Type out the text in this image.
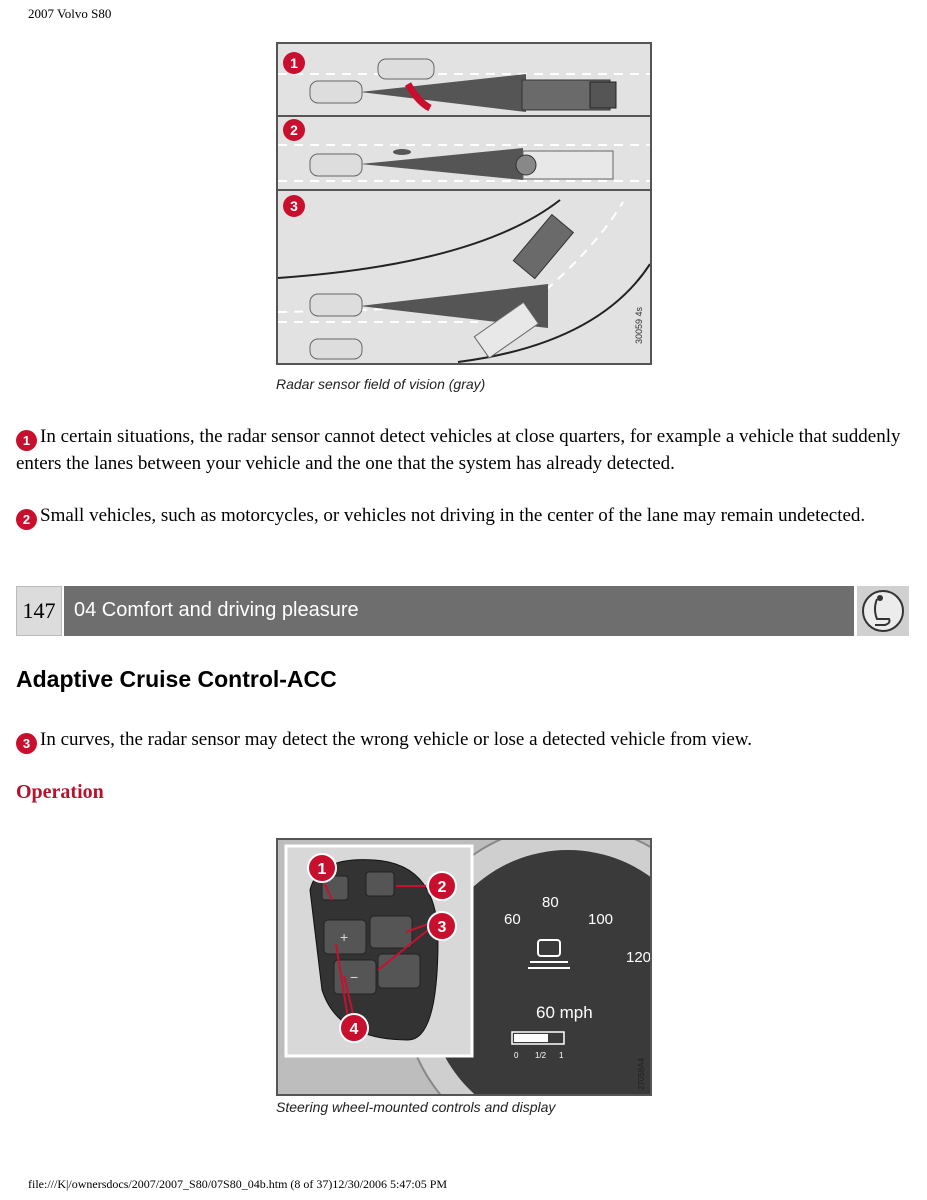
2007 Volvo S80
30059 4s
1
2
3
Radar sensor field of vision (gray)
1 In certain situations, the radar sensor cannot detect vehicles at close quarters, for example a vehicle that suddenly enters the lanes between your vehicle and the one that the system has already detected.
2 Small vehicles, such as motorcycles, or vehicles not driving in the center of the lane may remain undetected.
147 04 Comfort and driving pleasure
Adaptive Cruise Control-ACC
3 In curves, the radar sensor may detect the wrong vehicle or lose a detected vehicle from view.
Operation
60
80
100
120
60 mph
0 1/2 1
+
−
1
2
3
4
27058A4
Steering wheel-mounted controls and display
file:///K|/ownersdocs/2007/2007_S80/07S80_04b.htm (8 of 37)12/30/2006 5:47:05 PM
